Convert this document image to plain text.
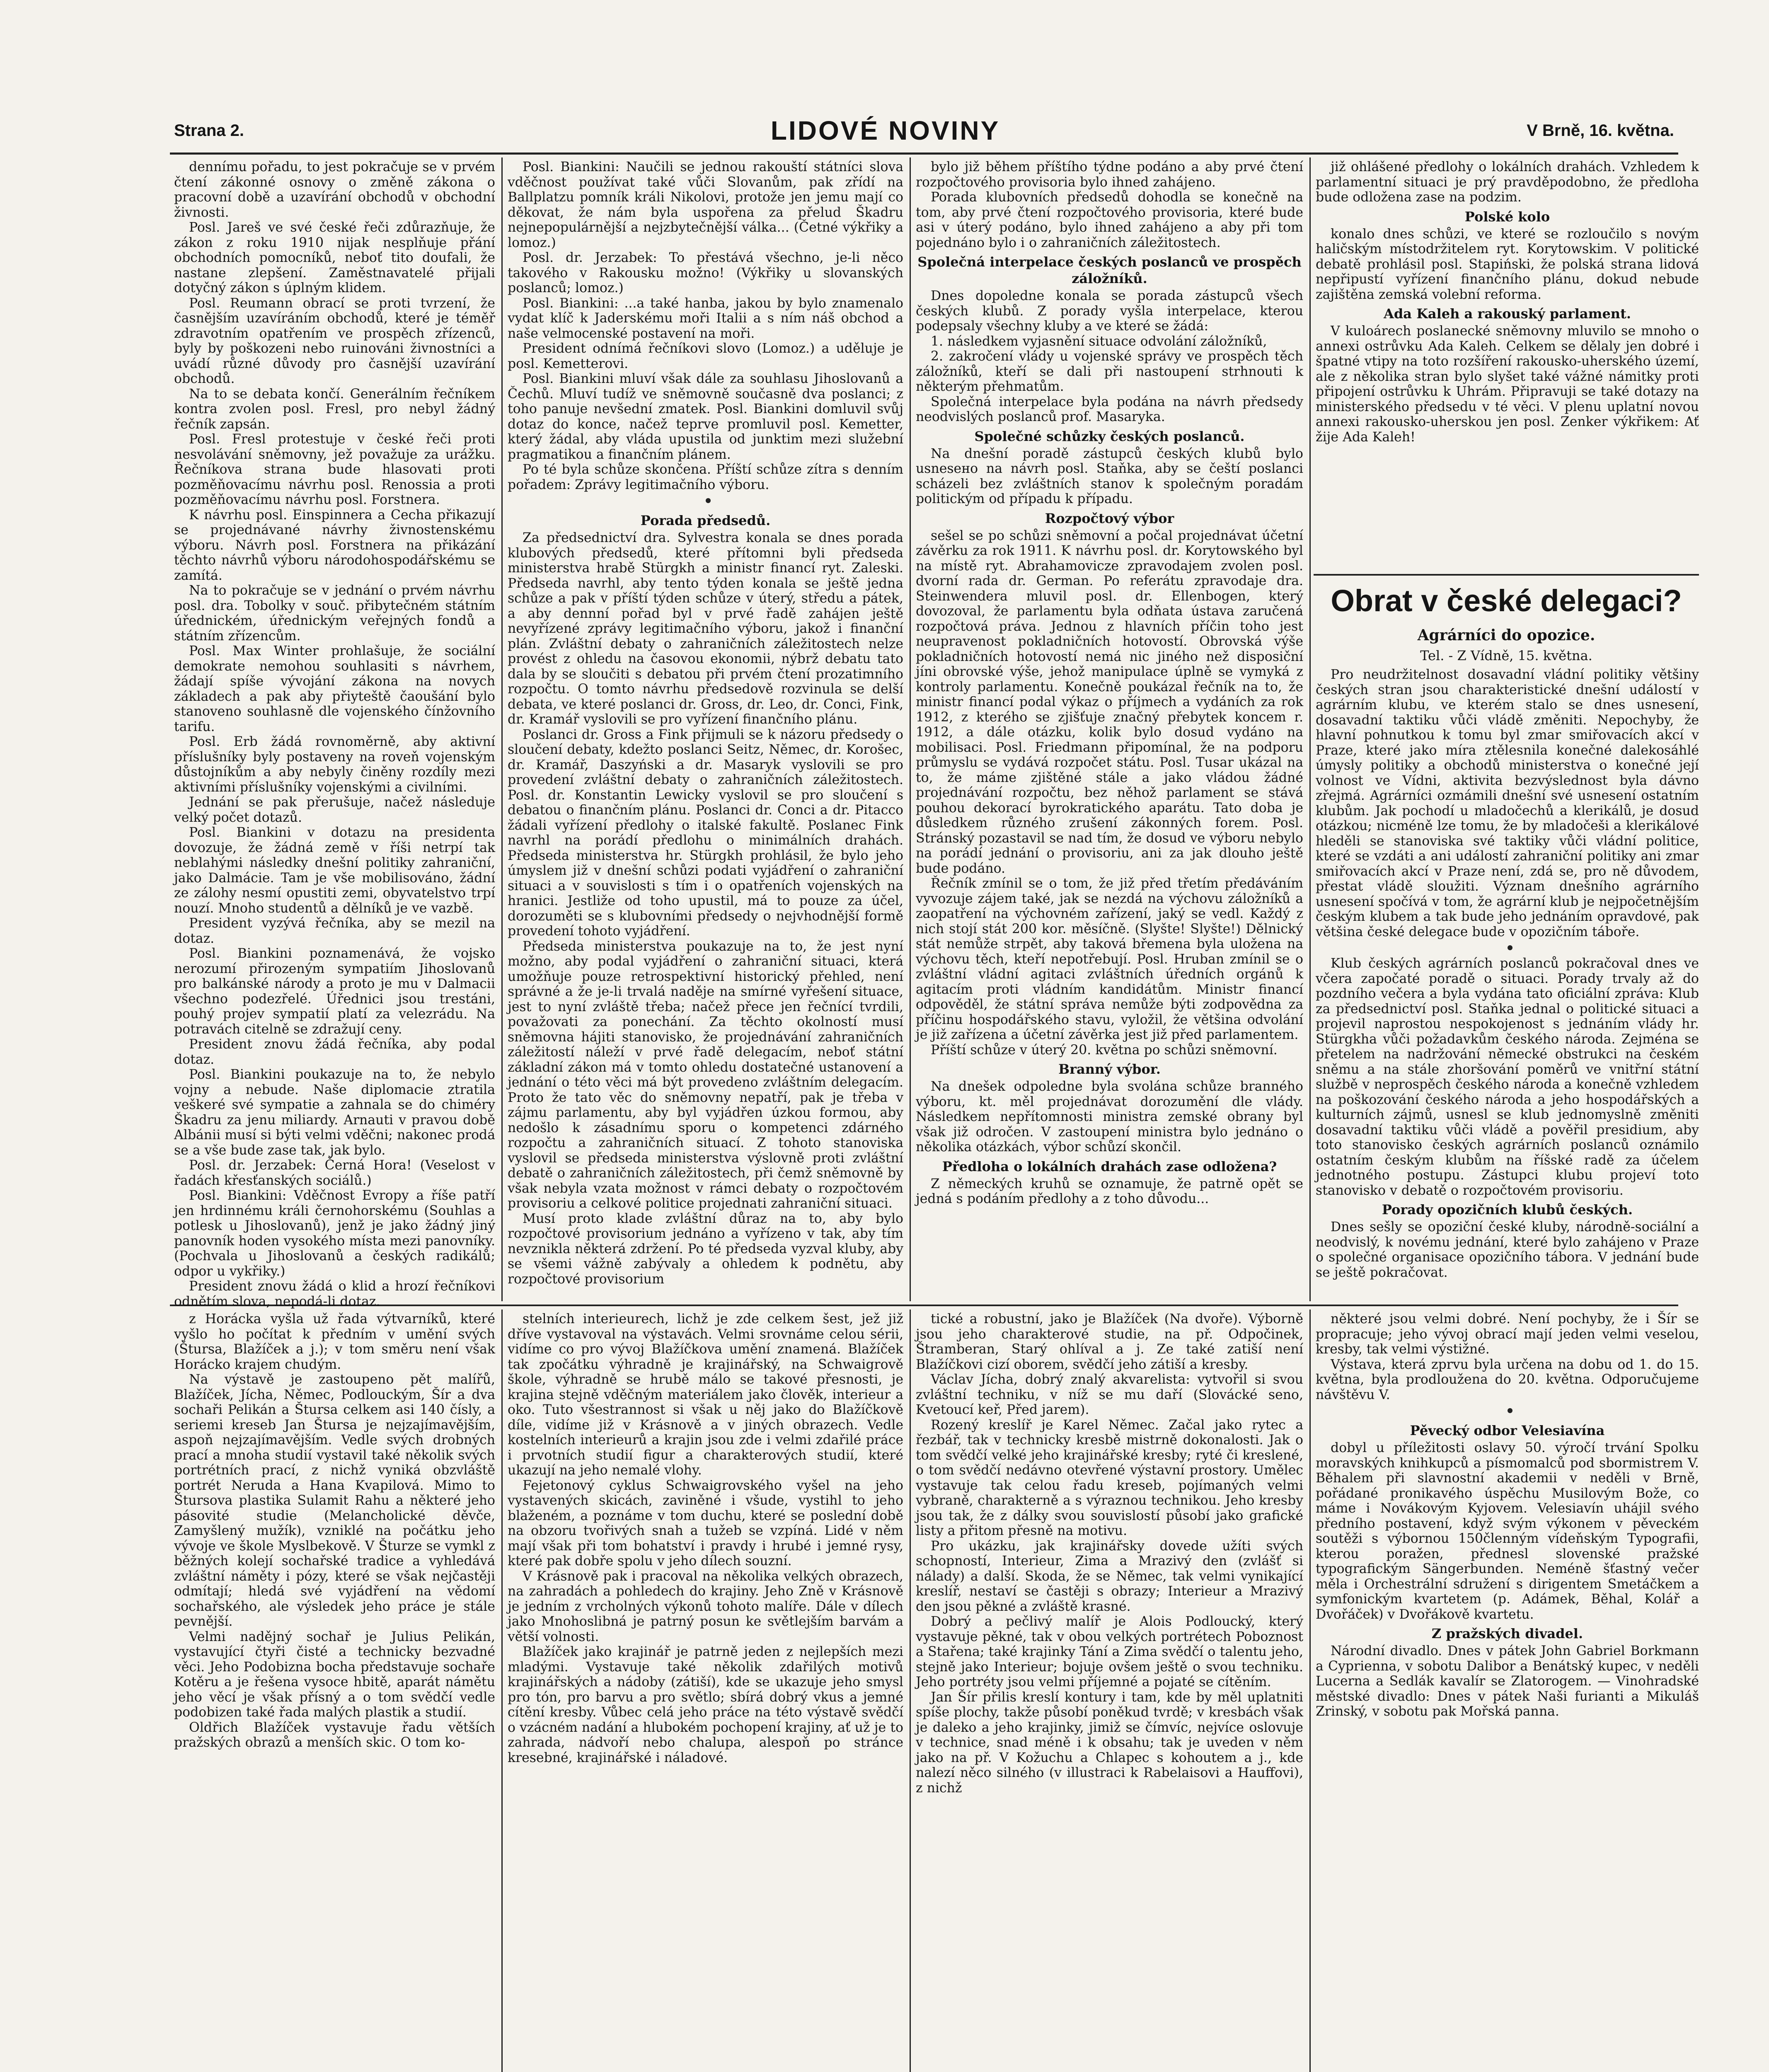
Strana 2.	LIDOVÉ NOVINY	V Brně, 16. května.

dennímu pořadu, to jest pokračuje se v prvém čtení zákonné osnovy o změně zákona o pracovní době a uzavírání obchodů v obchodní živnosti.

Posl. Jareš ve své české řeči zdůrazňuje, že zákon z roku 1910 nijak nesplňuje přání obchodních pomocníků, neboť tito doufali, že nastane zlepšení. Zaměstnavatelé přijali dotyčný zákon s úplným klidem.

Posl. Reumann obrací se proti tvrzení, že časnějším uzavíráním obchodů, které je téměř zdravotním opatřením ve prospěch zřízenců, byly by poškozeni nebo ruinováni živnostníci a uvádí různé důvody pro časnější uzavírání obchodů.

Na to se debata končí. Generálním řečníkem kontra zvolen posl. Fresl, pro nebyl žádný řečník zapsán.

Posl. Fresl protestuje v české řeči proti nesvolávání sněmovny, jež považuje za urážku. Řečníkova strana bude hlasovati proti pozměňovacímu návrhu posl. Renossia a proti pozměňovacímu návrhu posl. Forstnera.

K návrhu posl. Einspinnera a Cecha přikazují se projednávané návrhy živnostenskému výboru. Návrh posl. Forstnera na přikázání těchto návrhů výboru národohospodářskému se zamítá.

Na to pokračuje se v jednání o prvém návrhu posl. dra. Tobolky v souč. přibytečném státním úřednickém, úřednickým veřejných fondů a státním zřízencům.

Posl. Max Winter prohlašuje, že sociální demokrate nemohou souhlasiti s návrhem, žádají spíše vývojání zákona na novych základech a pak aby přiyteště čaoušání bylo stanoveno souhlasně dle vojenského čínžovního tarifu.

Posl. Erb žádá rovnoměrně, aby aktivní příslušníky byly postaveny na roveň vojenským důstojníkům a aby nebyly činěny rozdíly mezi aktivními příslušníky vojenskými a civilními.

Jednání se pak přerušuje, načež následuje velký počet dotazů.

Posl. Biankini v dotazu na presidenta dovozuje, že žádná země v říši netrpí tak neblahými následky dnešní politiky zahraniční, jako Dalmácie. Tam je vše mobilisováno, žádní ze zálohy nesmí opustiti zemi, obyvatelstvo trpí nouzí. Mnoho studentů a dělníků je ve vazbě.

President vyzývá řečníka, aby se mezil na dotaz.

Posl. Biankini poznamenává, že vojsko nerozumí přirozeným sympatiím Jihoslovanů pro balkánské národy a proto je mu v Dalmacii všechno podezřelé. Úřednici jsou trestáni, pouhý projev sympatií platí za velezrádu. Na potravách citelně se zdražují ceny.

President znovu žádá řečníka, aby podal dotaz.

Posl. Biankini poukazuje na to, že nebylo vojny a nebude. Naše diplomacie ztratila veškeré své sympatie a zahnala se do chiméry Škadru za jenu miliardy. Arnauti v pravou době Albánii musí si býti velmi vděčni; nakonec prodá se a vše bude zase tak, jak bylo.

Posl. dr. Jerzabek: Černá Hora! (Veselost v řadách křesťanských sociálů.)

Posl. Biankini: Vděčnost Evropy a říše patří jen hrdinnému králi černohorskému (Souhlas a potlesk u Jihoslovanů), jenž je jako žádný jiný panovník hoden vysokého místa mezi panovníky. (Pochvala u Jihoslovanů a českých radikálů; odpor u vykřiky.)

President znovu žádá o klid a hrozí řečníkovi odnětím slova, nepodá-li dotaz.

Posl. Biankini: Naučili se jednou rakouští státníci slova vděčnost používat také vůči Slovanům, pak zřídí na Ballplatzu pomník králi Nikolovi, protože jen jemu mají co děkovat, že nám byla uspořena za přelud Škadru nejnepopulárnější a nejzbytečnější válka... (Četné výkřiky a lomoz.)

Posl. dr. Jerzabek: To přestává všechno, je-li něco takového v Rakousku možno! (Výkřiky u slovanských poslanců; lomoz.)

Posl. Biankini: ...a také hanba, jakou by bylo znamenalo vydat klíč k Jaderskému moři Italii a s ním náš obchod a naše velmocenské postavení na moři.

President odnímá řečníkovi slovo (Lomoz.) a uděluje je posl. Kemetterovi.

Posl. Biankini mluví však dále za souhlasu Jihoslovanů a Čechů. Mluví tudíž ve sněmovně současně dva poslanci; z toho panuje nevšední zmatek. Posl. Biankini domluvil svůj dotaz do konce, načež teprve promluvil posl. Kemetter, který žádal, aby vláda upustila od junktim mezi služební pragmatikou a finančním plánem.

Po té byla schůze skončena. Příští schůze zítra s denním pořadem: Zprávy legitimačního výboru.

Porada předsedů.

Za předsednictví dra. Sylvestra konala se dnes porada klubových předsedů, které přítomni byli předseda ministerstva hrabě Stürgkh a ministr financí ryt. Zaleski. Předseda navrhl, aby tento týden konala se ještě jedna schůze a pak v příští týden schůze v úterý, středu a pátek, a aby dennní pořad byl v prvé řadě zahájen ještě nevyřízené zprávy legitimačního výboru, jakož i finanční plán. Zvláštní debaty o zahraničních záležitostech nelze provést z ohledu na časovou ekonomii, nýbrž debatu tato dala by se sloučiti s debatou při prvém čtení prozatimního rozpočtu. O tomto návrhu předsedově rozvinula se delší debata, ve které poslanci dr. Gross, dr. Leo, dr. Conci, Fink, dr. Kramář vyslovili se pro vyřízení finančního plánu.

Poslanci dr. Gross a Fink přijmuli se k názoru předsedy o sloučení debaty, kdežto poslanci Seitz, Němec, dr. Korošec, dr. Kramář, Daszyński a dr. Masaryk vyslovili se pro provedení zvláštní debaty o zahraničních záležitostech. Posl. dr. Konstantin Lewicky vyslovil se pro sloučení s debatou o finančním plánu. Poslanci dr. Conci a dr. Pitacco žádali vyřízení předlohy o italské fakultě. Poslanec Fink navrhl na porádí předlohu o minimálních drahách. Předseda ministerstva hr. Stürgkh prohlásil, že bylo jeho úmyslem již v dnešní schůzi podati vyjádření o zahraniční situaci a v souvislosti s tím i o opatřeních vojenských na hranici. Jestliže od toho upustil, má to pouze za účel, dorozuměti se s klubovními předsedy o nejvhodnější formě provedení tohoto vyjádření.

Předseda ministerstva poukazuje na to, že jest nyní možno, aby podal vyjádření o zahraniční situaci, která umožňuje pouze retrospektivní historický přehled, není správné a že je-li trvalá naděje na smírné vyřešení situace, jest to nyní zvláště třeba; načež přece jen řečnící tvrdili, považovati za ponechání. Za těchto okolností musí sněmovna hájiti stanovisko, že projednávání zahraničních záležitostí náleží v prvé řadě delegacím, neboť státní základní zákon má v tomto ohledu dostatečné ustanovení a jednání o této věci má být provedeno zvláštním delegacím. Proto že tato věc do sněmovny nepatří, pak je třeba v zájmu parlamentu, aby byl vyjádřen úzkou formou, aby nedošlo k zásadnímu sporu o kompetenci zdárného rozpočtu a zahraničních situací. Z tohoto stanoviska vyslovil se předseda ministerstva výslovně proti zvláštní debatě o zahraničních záležitostech, při čemž sněmovně by však nebyla vzata možnost v rámci debaty o rozpočtovém provisoriu a celkové politice projednati zahraniční situaci.

Musí proto klade zvláštní důraz na to, aby bylo rozpočtové provisorium jednáno a vyřízeno v tak, aby tím nevznikla některá zdržení. Po té předseda vyzval kluby, aby se všemi vážně zabývaly a ohledem k podnětu, aby rozpočtové provisorium

bylo již během příštího týdne podáno a aby prvé čtení rozpočtového provisoria bylo ihned zahájeno.

Porada klubovních předsedů dohodla se konečně na tom, aby prvé čtení rozpočtového provisoria, které bude asi v úterý podáno, bylo ihned zahájeno a aby při tom pojednáno bylo i o zahraničních záležitostech.

Společná interpelace českých poslanců ve prospěch záložníků.

Dnes dopoledne konala se porada zástupců všech českých klubů. Z porady vyšla interpelace, kterou podepsaly všechny kluby a ve které se žádá:

1. následkem vyjasnění situace odvolání záložníků,

2. zakročení vlády u vojenské správy ve prospěch těch záložníků, kteří se dali při nastoupení strhnouti k některým přehmatům.

Společná interpelace byla podána na návrh předsedy neodvislých poslanců prof. Masaryka.

Společné schůzky českých poslanců.

Na dnešní poradě zástupců českých klubů bylo usnesено na návrh posl. Staňka, aby se čeští poslanci scházeli bez zvláštních stanov k společným poradám politickým od případu k případu.

Rozpočtový výbor

sešel se po schůzi sněmovní a počal projednávat účetní závěrku za rok 1911. K návrhu posl. dr. Korytowského byl na místě ryt. Abrahamovicze zpravodajem zvolen posl. dvorní rada dr. German. Po referátu zpravodaje dra. Steinwendera mluvil posl. dr. Ellenbogen, který dovozoval, že parlamentu byla odňata ústava zaručená rozpočtová práva. Jednou z hlavních příčin toho jest neupravenost pokladničních hotovostí. Obrovská výše pokladničních hotovostí nemá nic jiného než disposiční jíni obrovské výše, jehož manipulace úplně se vymyká z kontroly parlamentu. Konečně poukázal řečník na to, že ministr financí podal výkaz o příjmech a vydáních za rok 1912, z kterého se zjišťuje značný přebytek koncem r. 1912, a dále otázku, kolik bylo dosud vydáno na mobilisaci. Posl. Friedmann připomínal, že na podporu průmyslu se vydává rozpočet státu. Posl. Tusar ukázal na to, že máme zjištěné stále a jako vládou žádné projednávání rozpočtu, bez něhož parlament se stává pouhou dekorací byrokratického aparátu. Tato doba je důsledkem různého zrušení zákonných forem. Posl. Stránský pozastavil se nad tím, že dosud ve výboru nebylo na porádí jednání o provisoriu, ani za jak dlouho ještě bude podáno.

Řečník zmínil se o tom, že již před třetím předáváním vyvozuje zájem také, jak se nezdá na výchovu záložníků a zaopatření na výchovném zařízení, jaký se vedl. Každý z nich stojí stát 200 kor. měsíčně. (Slyšte! Slyšte!) Dělnický stát nemůže strpět, aby taková břemena byla uložena na výchovu těch, kteří nepotřebují. Posl. Hruban zmínil se o zvláštní vládní agitaci zvláštních úředních orgánů k agitacím proti vládním kandidátům. Ministr financí odpověděl, že státní správa nemůže býti zodpovědna za příčinu hospodářského stavu, vyložil, že většina odvolání je již zařízena a účetní závěrka jest již před parlamentem.

Příští schůze v úterý 20. května po schůzi sněmovní.

Branný výbor.

Na dnešek odpoledne byla svolána schůze branného výboru, kt. měl projednávat dorozumění dle vlády. Následkem nepřítomnosti ministra zemské obrany byl však již odročen. V zastoupení ministra bylo jednáno o několika otázkách, výbor schůzí skončil.

Předloha o lokálních drahách zase odložena?

Z německých kruhů se oznamuje, že patrně opět se jedná s podáním předlohy a z toho důvodu...

již ohlášené předlohy o lokálních drahách. Vzhledem k parlamentní situaci je prý pravděpodobno, že předloha bude odložena zase na podzim.

Polské kolo

konalo dnes schůzi, ve které se rozloučilo s novým haličským místodržitelem ryt. Korytowskim. V politické debatě prohlásil posl. Stapiński, že polská strana lidová nepřipustí vyřízení finančního plánu, dokud nebude zajištěna zemská volební reforma.

Ada Kaleh a rakouský parlament.

V kuloárech poslanecké sněmovny mluvilo se mnoho o annexi ostrůvku Ada Kaleh. Celkem se dělaly jen dobré i špatné vtipy na toto rozšíření rakousko-uherského území, ale z několika stran bylo slyšet také vážné námitky proti připojení ostrůvku k Uhrám. Připravuji se také dotazy na ministerského předsedu v té věci. V plenu uplatní novou annexi rakousko-uherskou jen posl. Zenker výkřikem: Ať žije Ada Kaleh!

Obrat v české delegaci?
Agrárníci do opozice.
Tel. - Z Vídně, 15. května.

Pro neudržitelnost dosavadní vládní politiky většiny českých stran jsou charakteristické dnešní událostí v agrárním klubu, ve kterém stalo se dnes usnesení, dosavadní taktiku vůči vládě změniti. Nepochyby, že hlavní pohnutkou k tomu byl zmar smiřovacích akcí v Praze, které jako míra ztělesnila konečné dalekosáhlé úmysly politiky a obchodů ministerstva o konečné její volnost ve Vídni, aktivita bezvýslednost byla dávno zřejmá. Agrárníci ozmámili dnešní své usnesení ostatním klubům. Jak pochodí u mladočechů a klerikálů, je dosud otázkou; nicméně lze tomu, že by mladočeši a klerikálové hleděli se stanoviska své taktiky vůči vládní politice, které se vzdáti a ani událostí zahraniční politiky ani zmar smiřovacích akcí v Praze není, zdá se, pro ně důvodem, přestat vládě sloužiti. Význam dnešního agrárního usnesení spočívá v tom, že agrární klub je nejpočetnějším českým klubem a tak bude jeho jednáním opravdové, pak většina české delegace bude v opozičním táboře.

Klub českých agrárních poslanců pokračoval dnes ve včera započaté poradě o situaci. Porady trvaly až do pozdního večera a byla vydána tato oficiální zpráva: Klub za předsednictví posl. Staňka jednal o politické situaci a projevil naprostou nespokojenost s jednáním vlády hr. Stürgkha vůči požadavkům českého národa. Zejména se přetelem na nadržování německé obstrukci na českém sněmu a na stále zhoršování poměrů ve vnitřní státní službě v neprospěch českého národa a konečně vzhledem na poškozování českého národa a jeho hospodářských a kulturních zájmů, usnesl se klub jednomyslně změniti dosavadní taktiku vůči vládě a pověřil presidium, aby toto stanovisko českých agrárních poslanců oznámilo ostatním českým klubům na říšské radě za účelem jednotného postupu. Zástupci klubu projeví toto stanovisko v debatě o rozpočtovém provisoriu.

Porady opozičních klubů českých.

Dnes sešly se opoziční české kluby, národně-sociální a neodvislý, k novému jednání, které bylo zahájeno v Praze o společné organisace opozičního tábora. V jednání bude se ještě pokračovat.

z Horácka vyšla už řada výtvarníků, které vyšlo ho počítat k předním v umění svých (Štursa, Blažíček a j.); v tom směru není však Horácko krajem chudým.

Na výstavě je zastoupeno pět malířů, Blažíček, Jícha, Němec, Podlouckým, Šír a dva sochaři Pelikán a Štursa celkem asi 140 čísly, a seriemi kreseb Jan Štursa je nejzajímavějším, aspoň nejzajímavějším. Vedle svých drobných prací a mnoha studií vystavil také několik svých portrétních prací, z nichž vyniká obzvláště portrét Neruda a Hana Kvapilová. Mimo to Štursova plastika Sulamit Rahu a některé jeho pásovité studie (Melancholické děvče, Zamyšlený mužík), vzniklé na počátku jeho vývoje ve škole Myslbekově. V Šturze se vymkl z běžných kolejí sochařské tradice a vyhledává zvláštní náměty i pózy, které se však nejčastěji odmítají; hledá své vyjádření na vědomí sochařského, ale výsledek jeho práce je stále pevnější.

Velmi nadějný sochař je Julius Pelikán, vystavující čtyři čisté a technicky bezvadné věci. Jeho Podobizna bocha představuje sochaře Kotěru a je řešena vysoce hbitě, aparát námětu jeho věcí je však přísný a o tom svědčí vedle podobizen také řada malých plastik a studií.

Oldřich Blažíček vystavuje řadu větších pražských obrazů a menších skic. O tom ko-

stelních interieurech, lichž je zde celkem šest, jež již dříve vystavoval na výstavách. Velmi srovnáme celou sérii, vidíme co pro vývoj Blažíčkova umění znamená. Blažíček tak zpočátku výhradně je krajinářský, na Schwaigrově škole, výhradně se hrubě málo se takové přesnosti, je krajina stejně vděčným materiálem jako člověk, interieur a oko. Tuto všestrannost si však u něj jako do Blažíčkově díle, vidíme již v Krásnově a v jiných obrazech. Vedle kostelních interieurů a krajin jsou zde i velmi zdařilé práce i prvotních studií figur a charakterových studií, které ukazují na jeho nemalé vlohy.

Fejetonový cyklus Schwaigrovského vyšel na jeho vystavených skicách, zaviněné i všude, vystihl to jeho blaženém, a poznáme v tom duchu, které se poslední době na obzoru tvořivých snah a tužeb se vzpíná. Lidé v něm mají však při tom bohatství i pravdy i hrubé i jemné rysy, které pak dobře spolu v jeho dílech souzní.

V Krásnově pak i pracoval na několika velkých obrazech, na zahradách a pohledech do krajiny. Jeho Zně v Krásnově je jedním z vrcholných výkonů tohoto malíře. Dále v dílech jako Mnohoslibná je patrný posun ke světlejším barvám a větší volnosti.

Blažíček jako krajinář je patrně jeden z nejlepších mezi mladými. Vystavuje také několik zdařilých motivů krajinářských a nádoby (zátiší), kde se ukazuje jeho smysl pro tón, pro barvu a pro světlo; sbírá dobrý vkus a jemné cítění kresby. Vůbec celá jeho práce na této výstavě svědčí o vzácném nadání a hlubokém pochopení krajiny, ať už je to zahrada, nádvoří nebo chalupa, alespoň po stránce kresebné, krajinářské i náladové.

tické a robustní, jako je Blažíček (Na dvoře). Výborně jsou jeho charakterové studie, na př. Odpočinek, Štramberan, Starý ohlíval a j. Ze také zatiší není Blažíčkovi cizí oborem, svědčí jeho zátiší a kresby.

Václav Jícha, dobrý znalý akvarelista: vytvořil si svou zvláštní techniku, v níž se mu daří (Slovácké seno, Kvetoucí keř, Před jarem).

Rozený kreslíř je Karel Němec. Začal jako rytec a řezbář, tak v technicky kresbě mistrně dokonalosti. Jak o tom svědčí velké jeho krajinářské kresby; ryté či kreslené, o tom svědčí nedávno otevřené výstavní prostory. Umělec vystavuje tak celou řadu kreseb, pojímaných velmi vybraně, charakterně a s výraznou technikou. Jeho kresby jsou tak, že z dálky svou souvislostí působí jako grafické listy a přitom přesně na motivu.

Pro ukázku, jak krajinářsky dovede užíti svých schopností, Interieur, Zima a Mrazivý den (zvlášť si nálady) a další. Skoda, že se Němec, tak velmi vynikající kreslíř, nestaví se častěji s obrazy; Interieur a Mrazivý den jsou pěkné a zvláště krasné.

Dobrý a pečlivý malíř je Alois Podloucký, který vystavuje pěkné, tak v obou velkých portrétech Poboznost a Stařena; také krajinky Tání a Zima svědčí o talentu jeho, stejně jako Interieur; bojuje ovšem ještě o svou techniku. Jeho portréty jsou velmi příjemné a pojaté se cítěním.

Jan Šír přilis kreslí kontury i tam, kde by měl uplatniti spíše plochy, takže působí poněkud tvrdě; v kresbách však je daleko a jeho krajinky, jimiž se čímvíc, nejvíce oslovuje v technice, snad méně i k obsahu; tak je uveden v něm jako na př. V Kožuchu a Chlapec s kohoutem a j., kde nalezí něco silného (v illustraci k Rabelaisovi a Hauffovi), z nichž

některé jsou velmi dobré. Není pochyby, že i Šír se propracuje; jeho vývoj obrací mají jeden velmi veselou, kresby, tak velmi výstižné.

Výstava, která zprvu byla určena na dobu od 1. do 15. května, byla prodloužena do 20. května. Odporučujeme návštěvu V.

Pěvecký odbor Velesiavína

dobyl u příležitosti oslavy 50. výročí trvání Spolku moravských knihkupců a písmomalců pod sbormistrem V. Běhalem při slavnostní akademii v neděli v Brně, pořádané pronikavého úspěchu Musilovým Bože, co máme i Novákovým Kyjovem. Velesiavín uhájil svého předního postavení, když svým výkonem v pěveckém soutěži s výbornou 150členným vídeňským Typografii, kterou poražen, přednesl slovenské pražské typografickým Sängerbunden. Neméně šťastný večer měla i Orchestrální sdružení s dirigentem Smetáčkem a symfonickým kvartetem (p. Adámek, Běhal, Kolář a Dvořáček) v Dvořákově kvartetu.

Z pražských divadel.

Národní divadlo. Dnes v pátek John Gabriel Borkmann a Cyprienna, v sobotu Dalibor a Benátský kupec, v neděli Lucerna a Sedlák kavalír se Zlatorogem. — Vinohradské městské divadlo: Dnes v pátek Naši furianti a Mikuláš Zrinský, v sobotu pak Mořská panna.
